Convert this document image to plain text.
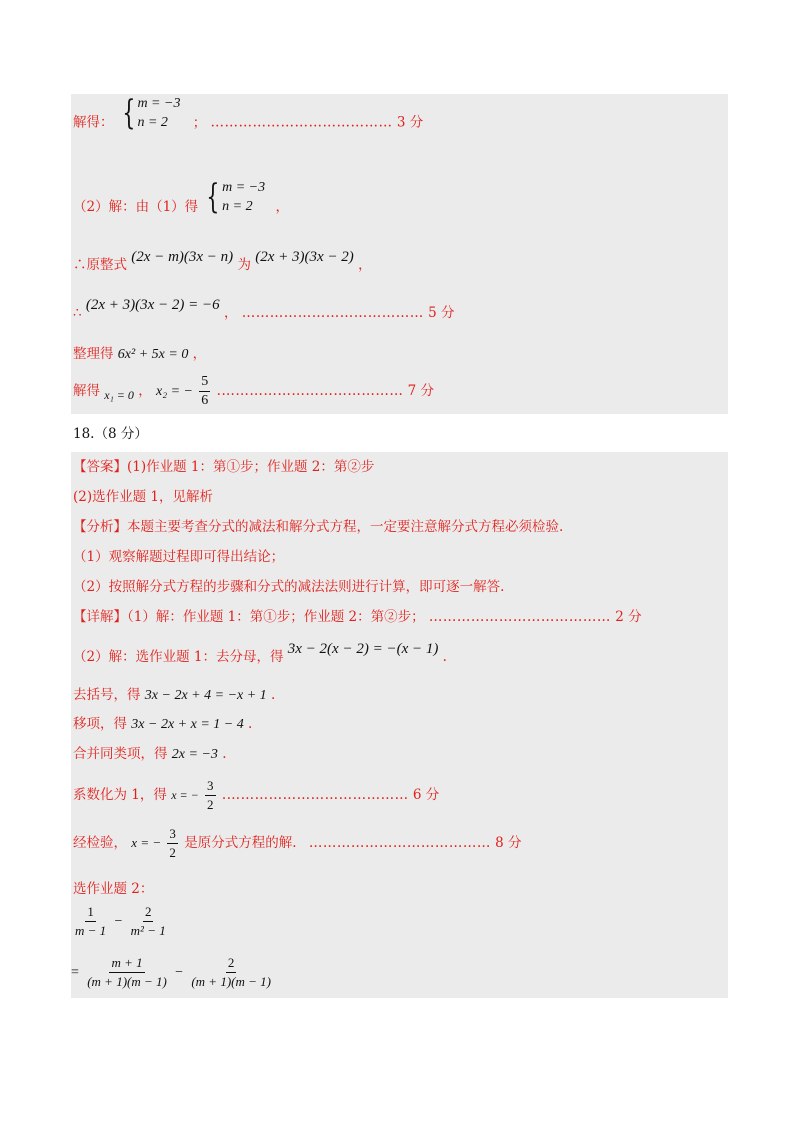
解得： { m = −3
n = 2	； ………………………………… 3 分
（2）解：由（1）得 { m = −3
n = 2	，
∴原整式 (2x − m)(3x − n) 为 (2x + 3)(3x − 2) ，
∴ (2x + 3)(3x − 2) = −6 ， ………………………………… 5 分
整理得 6x² + 5x = 0 ，
解得 x₁ = 0 ， x₂ = − $\frac{5}{6}$ .………………………………… 7 分
18.（8 分）
【答案】(1)作业题 1：第①步；作业题 2：第②步
(2)选作业题 1，见解析
【分析】本题主要考查分式的减法和解分式方程，一定要注意解分式方程必须检验.
（1）观察解题过程即可得出结论；
（2）按照解分式方程的步骤和分式的减法法则进行计算，即可逐一解答.
【详解】（1）解：作业题 1：第①步；作业题 2：第②步； ………………………………… 2 分
（2）解：选作业题 1：去分母，得 3x − 2(x − 2) = −(x − 1) .
去括号，得 3x − 2x + 4 = −x + 1 .
移项，得 3x − 2x + x = 1 − 4 .
合并同类项，得 2x = −3 .
系数化为 1，得 x = − $\frac{3}{2}$ .………………………………… 6 分
经检验， x = − $\frac{3}{2}$ 是原分式方程的解. ………………………………… 8 分
选作业题 2：
$\frac{1}{m - 1} - \frac{2}{\text{m² − 1}}$
= $\frac{m + 1}{(m + 1)(m - 1)} - \frac{2}{(m + 1)(m - 1)}$
